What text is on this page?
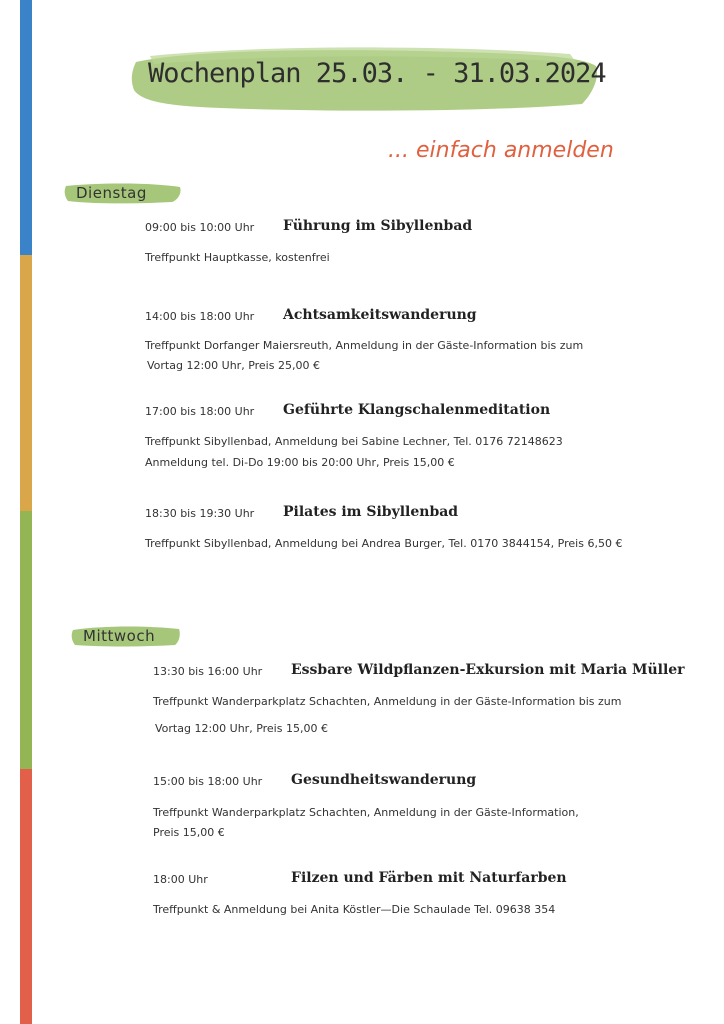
Wochenplan 25.03. - 31.03.2024
... einfach anmelden
Dienstag
09:00 bis 10:00 Uhr Führung im Sibyllenbad
Treffpunkt Hauptkasse, kostenfrei
14:00 bis 18:00 Uhr Achtsamkeitswanderung
Treffpunkt Dorfanger Maiersreuth, Anmeldung in der Gäste-Information bis zum
Vortag 12:00 Uhr, Preis 25,00 €
17:00 bis 18:00 Uhr Geführte Klangschalenmeditation
Treffpunkt Sibyllenbad, Anmeldung bei Sabine Lechner, Tel. 0176 72148623
Anmeldung tel. Di-Do 19:00 bis 20:00 Uhr, Preis 15,00 €
18:30 bis 19:30 Uhr Pilates im Sibyllenbad
Treffpunkt Sibyllenbad, Anmeldung bei Andrea Burger, Tel. 0170 3844154, Preis 6,50 €
Mittwoch
13:30 bis 16:00 Uhr Essbare Wildpflanzen-Exkursion mit Maria Müller
Treffpunkt Wanderparkplatz Schachten, Anmeldung in der Gäste-Information bis zum
Vortag 12:00 Uhr, Preis 15,00 €
15:00 bis 18:00 Uhr Gesundheitswanderung
Treffpunkt Wanderparkplatz Schachten, Anmeldung in der Gäste-Information,
Preis 15,00 €
18:00 Uhr	Filzen und Färben mit Naturfarben
Treffpunkt & Anmeldung bei Anita Köstler—Die Schaulade Tel. 09638 354
